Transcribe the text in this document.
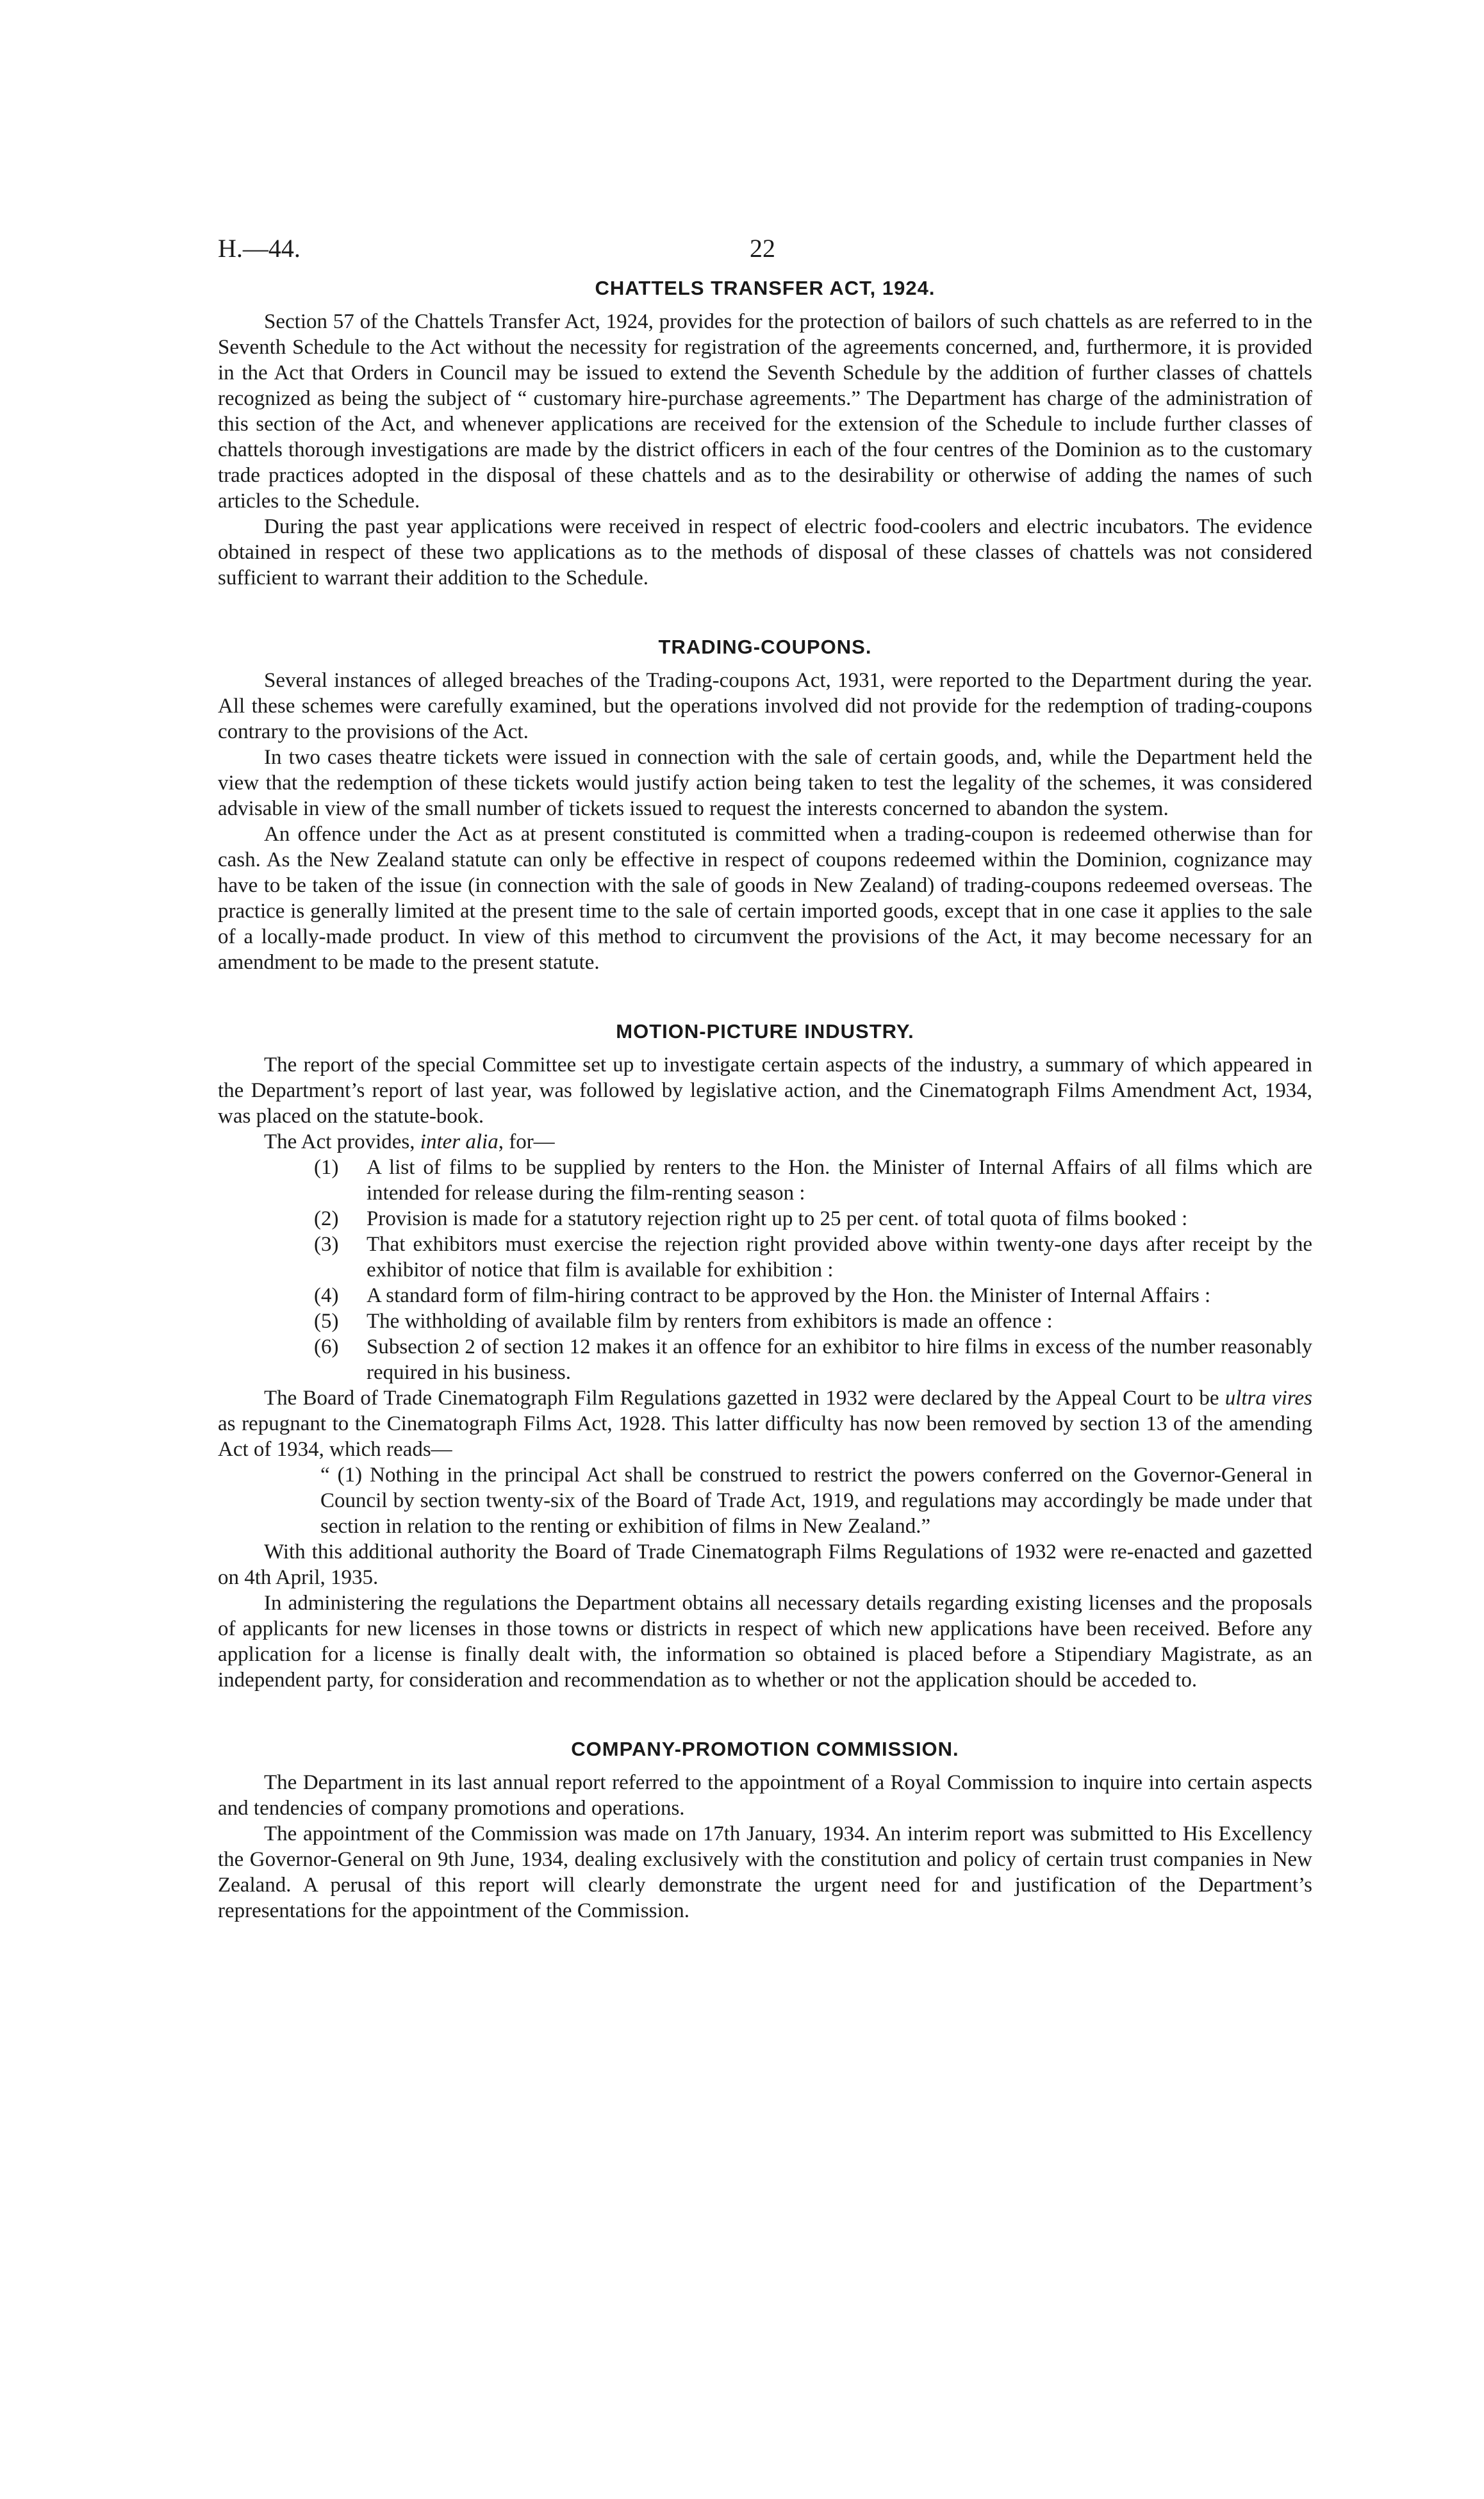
H.—44.	22
CHATTELS TRANSFER ACT, 1924.

Section 57 of the Chattels Transfer Act, 1924, provides for the protection of bailors of such chattels as are referred to in the Seventh Schedule to the Act without the necessity for registration of the agreements concerned, and, furthermore, it is provided in the Act that Orders in Council may be issued to extend the Seventh Schedule by the addition of further classes of chattels recognized as being the subject of “ customary hire-purchase agreements.” The Department has charge of the administration of this section of the Act, and whenever applications are received for the extension of the Schedule to include further classes of chattels thorough investigations are made by the district officers in each of the four centres of the Dominion as to the customary trade practices adopted in the disposal of these chattels and as to the desirability or otherwise of adding the names of such articles to the Schedule.

During the past year applications were received in respect of electric food-coolers and electric incubators. The evidence obtained in respect of these two applications as to the methods of disposal of these classes of chattels was not considered sufficient to warrant their addition to the Schedule.

TRADING-COUPONS.

Several instances of alleged breaches of the Trading-coupons Act, 1931, were reported to the Department during the year. All these schemes were carefully examined, but the operations involved did not provide for the redemption of trading-coupons contrary to the provisions of the Act.

In two cases theatre tickets were issued in connection with the sale of certain goods, and, while the Department held the view that the redemption of these tickets would justify action being taken to test the legality of the schemes, it was considered advisable in view of the small number of tickets issued to request the interests concerned to abandon the system.

An offence under the Act as at present constituted is committed when a trading-coupon is redeemed otherwise than for cash. As the New Zealand statute can only be effective in respect of coupons redeemed within the Dominion, cognizance may have to be taken of the issue (in connection with the sale of goods in New Zealand) of trading-coupons redeemed overseas. The practice is generally limited at the present time to the sale of certain imported goods, except that in one case it applies to the sale of a locally-made product. In view of this method to circumvent the provisions of the Act, it may become necessary for an amendment to be made to the present statute.

MOTION-PICTURE INDUSTRY.

The report of the special Committee set up to investigate certain aspects of the industry, a summary of which appeared in the Department’s report of last year, was followed by legislative action, and the Cinematograph Films Amendment Act, 1934, was placed on the statute-book.

The Act provides, inter alia, for—

(1) A list of films to be supplied by renters to the Hon. the Minister of Internal Affairs of all films which are intended for release during the film-renting season :
(2) Provision is made for a statutory rejection right up to 25 per cent. of total quota of films booked :
(3) That exhibitors must exercise the rejection right provided above within twenty-one days after receipt by the exhibitor of notice that film is available for exhibition :
(4) A standard form of film-hiring contract to be approved by the Hon. the Minister of Internal Affairs :
(5) The withholding of available film by renters from exhibitors is made an offence :
(6) Subsection 2 of section 12 makes it an offence for an exhibitor to hire films in excess of the number reasonably required in his business.

The Board of Trade Cinematograph Film Regulations gazetted in 1932 were declared by the Appeal Court to be ultra vires as repugnant to the Cinematograph Films Act, 1928. This latter difficulty has now been removed by section 13 of the amending Act of 1934, which reads—

“ (1) Nothing in the principal Act shall be construed to restrict the powers conferred on the Governor-General in Council by section twenty-six of the Board of Trade Act, 1919, and regulations may accordingly be made under that section in relation to the renting or exhibition of films in New Zealand.”

With this additional authority the Board of Trade Cinematograph Films Regulations of 1932 were re-enacted and gazetted on 4th April, 1935.

In administering the regulations the Department obtains all necessary details regarding existing licenses and the proposals of applicants for new licenses in those towns or districts in respect of which new applications have been received. Before any application for a license is finally dealt with, the information so obtained is placed before a Stipendiary Magistrate, as an independent party, for consideration and recommendation as to whether or not the application should be acceded to.

COMPANY-PROMOTION COMMISSION.

The Department in its last annual report referred to the appointment of a Royal Commission to inquire into certain aspects and tendencies of company promotions and operations.

The appointment of the Commission was made on 17th January, 1934. An interim report was submitted to His Excellency the Governor-General on 9th June, 1934, dealing exclusively with the constitution and policy of certain trust companies in New Zealand. A perusal of this report will clearly demonstrate the urgent need for and justification of the Department’s representations for the appointment of the Commission.
